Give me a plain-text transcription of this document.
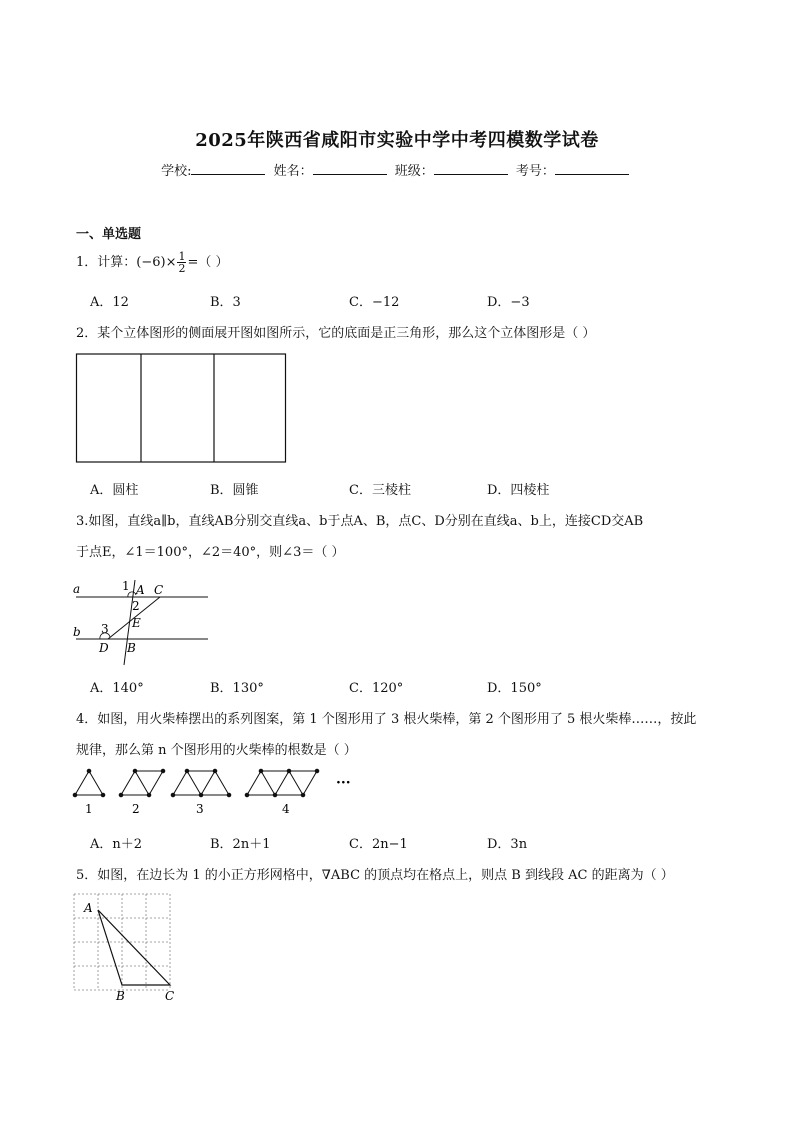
2025年陕西省咸阳市实验中学中考四模数学试卷
学校:	姓名：	班级：	考号：
一、单选题
1．计算：$(-6)\times \frac{1}{2}$ =（ ）
A．12	B．3	C．−12	D．−3
2．某个立体图形的侧面展开图如图所示，它的底面是正三角形，那么这个立体图形是（ ）
A．圆柱	B．圆锥	C．三棱柱	D．四棱柱
3.如图，直线a∥b，直线AB分别交直线a、b于点A、B，点C、D分别在直线a、b上，连接CD交AB
于点E，∠1＝100°，∠2＝40°，则∠3＝（ ）
a
b
1 A C
2
E
3
D B
A．140°	B．130°	C．120°	D．150°
4．如图，用火柴棒摆出的系列图案，第 1 个图形用了 3 根火柴棒，第 2 个图形用了 5 根火柴棒……，按此
规律，那么第 n 个图形用的火柴棒的根数是（ ）
1	2	3	4
···
A．n＋2	B．2n＋1	C．2n−1	D．3n
5．如图，在边长为 1 的小正方形网格中，∇ABC 的顶点均在格点上，则点 B 到线段 AC 的距离为（ ）
A
B	C
